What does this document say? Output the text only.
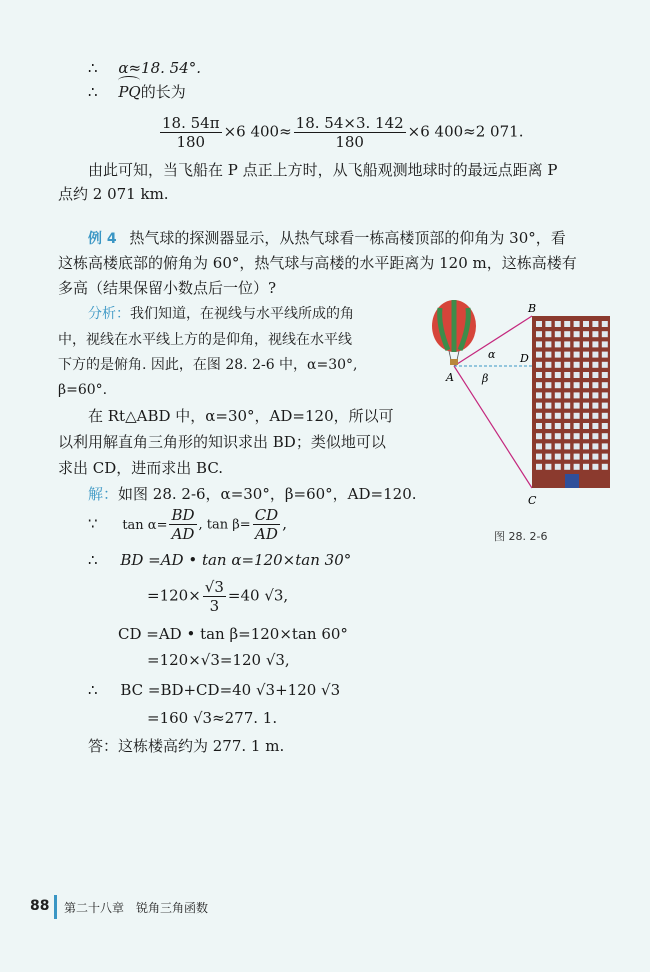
∴ α≈18. 54°.
∴ PQ的长为
$\frac{18. 54\pi}{180} \times 6$ $400\approx \frac{18. 54\times 3. 142}{180} \times 6$ 400≈2 071.
由此可知，当飞船在 P 点正上方时，从飞船观测地球时的最远点距离 P
点约 2 071 km.
例 4 热气球的探测器显示，从热气球看一栋高楼顶部的仰角为 30°，看
这栋高楼底部的俯角为 60°，热气球与高楼的水平距离为 120 m，这栋高楼有
多高（结果保留小数点后一位）?
分析：我们知道，在视线与水平线所成的角
中，视线在水平线上方的是仰角，视线在水平线
下方的是俯角. 因此，在图 28. 2-6 中，α=30°,
β=60°.
在 Rt△ABD 中，α=30°，AD=120，所以可
以利用解直角三角形的知识求出 BD；类似地可以
求出 CD，进而求出 BC.
解：如图 28. 2-6，α=30°，β=60°，AD=120.
∵ $\tan \alpha= \frac{BD}{AD}$ , $\tan \beta= \frac{CD}{AD}$ ,
∴ BD =AD • tan α=120×tan 30°
$=120\times \frac{√3}{3} =40$ √3,
CD =AD • tan β=120×tan 60°
=120×√3=120 √3,
∴ BC =BD+CD=40 √3+120 √3
=160 √3≈277. 1.
答：这栋楼高约为 277. 1 m.
B
A
D
C
α
β
图 28. 2-6
88 第二十八章　锐角三角函数
